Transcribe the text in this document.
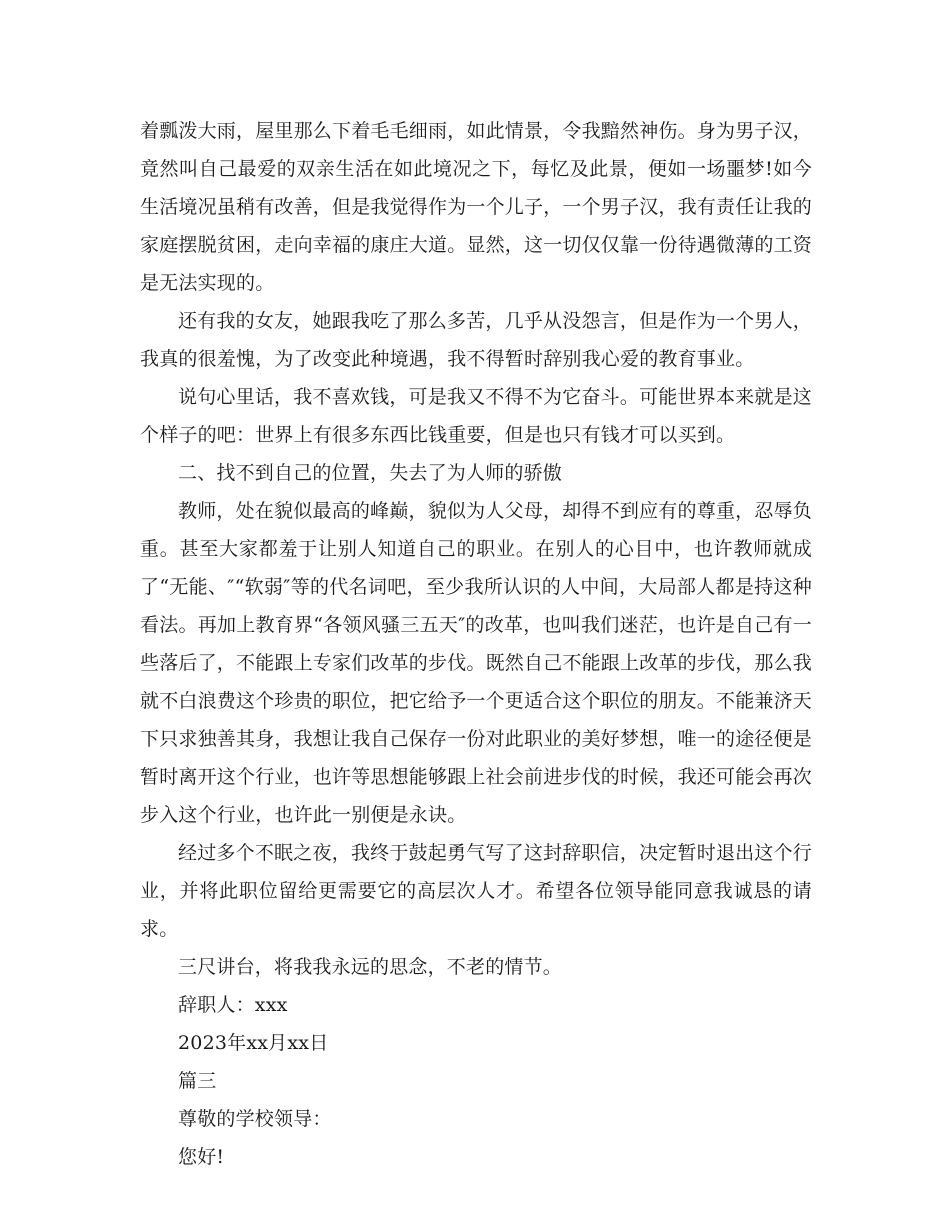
着瓢泼大雨，屋里那么下着毛毛细雨，如此情景，令我黯然神伤。身为男子汉，竟然叫自己最爱的双亲生活在如此境况之下，每忆及此景，便如一场噩梦!如今生活境况虽稍有改善，但是我觉得作为一个儿子，一个男子汉，我有责任让我的家庭摆脱贫困，走向幸福的康庄大道。显然，这一切仅仅靠一份待遇微薄的工资是无法实现的。

还有我的女友，她跟我吃了那么多苦，几乎从没怨言，但是作为一个男人，我真的很羞愧，为了改变此种境遇，我不得暂时辞别我心爱的教育事业。

说句心里话，我不喜欢钱，可是我又不得不为它奋斗。可能世界本来就是这个样子的吧：世界上有很多东西比钱重要，但是也只有钱才可以买到。

二、找不到自己的位置，失去了为人师的骄傲

教师，处在貌似最高的峰巅，貌似为人父母，却得不到应有的尊重，忍辱负重。甚至大家都羞于让别人知道自己的职业。在别人的心目中，也许教师就成了“无能、″“软弱″等的代名词吧，至少我所认识的人中间，大局部人都是持这种看法。再加上教育界“各领风骚三五天″的改革，也叫我们迷茫，也许是自己有一些落后了，不能跟上专家们改革的步伐。既然自己不能跟上改革的步伐，那么我就不白浪费这个珍贵的职位，把它给予一个更适合这个职位的朋友。不能兼济天下只求独善其身，我想让我自己保存一份对此职业的美好梦想，唯一的途径便是暂时离开这个行业，也许等思想能够跟上社会前进步伐的时候，我还可能会再次步入这个行业，也许此一别便是永诀。

经过多个不眠之夜，我终于鼓起勇气写了这封辞职信，决定暂时退出这个行业，并将此职位留给更需要它的高层次人才。希望各位领导能同意我诚恳的请求。

三尺讲台，将我我永远的思念，不老的情节。

辞职人：xxx

2023年xx月xx日

篇三

尊敬的学校领导：

您好!
